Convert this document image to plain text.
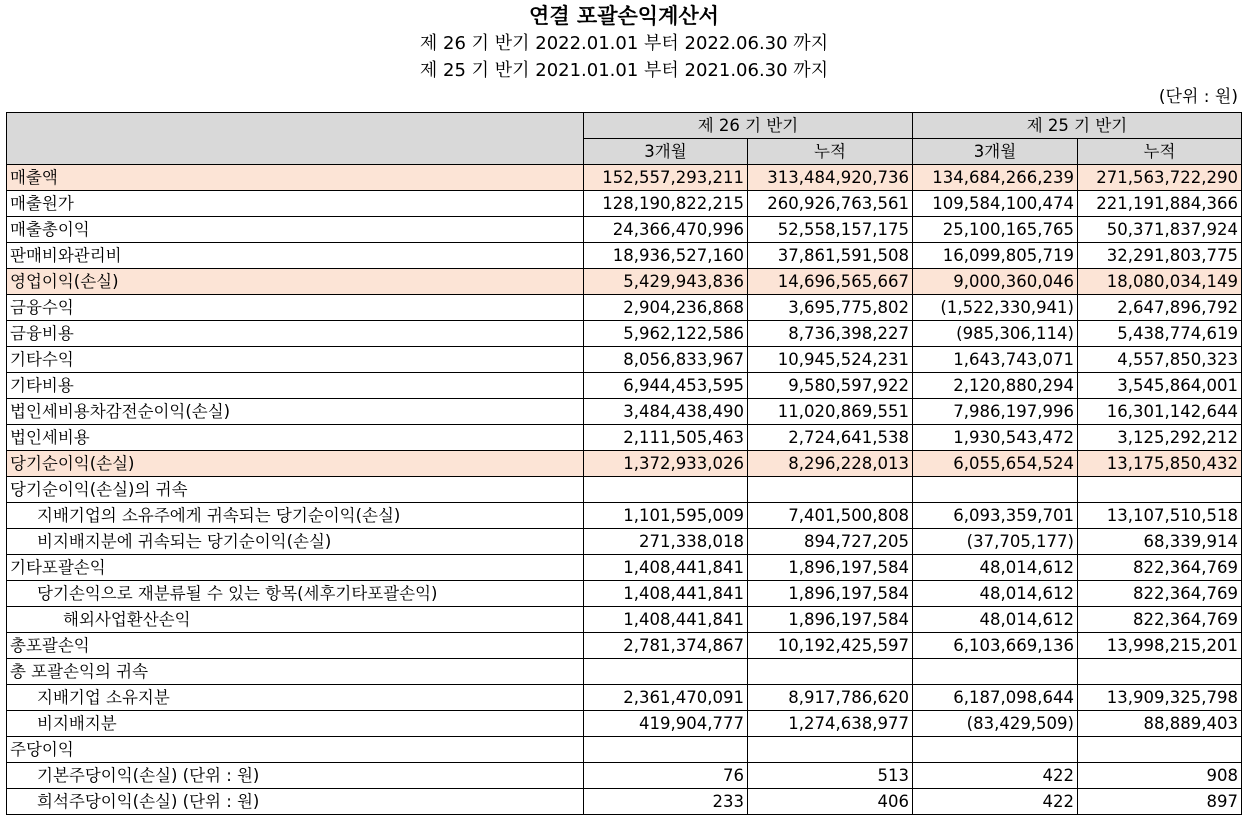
연결 포괄손익계산서
제 26 기 반기 2022.01.01 부터 2022.06.30 까지
제 25 기 반기 2021.01.01 부터 2021.06.30 까지
(단위 : 원)
	제 26 기 반기		제 25 기 반기	
	3개월	누적	3개월	누적
매출액	152,557,293,211	313,484,920,736	134,684,266,239	271,563,722,290
매출원가	128,190,822,215	260,926,763,561	109,584,100,474	221,191,884,366
매출총이익	24,366,470,996	52,558,157,175	25,100,165,765	50,371,837,924
판매비와관리비	18,936,527,160	37,861,591,508	16,099,805,719	32,291,803,775
영업이익(손실)	5,429,943,836	14,696,565,667	9,000,360,046	18,080,034,149
금융수익	2,904,236,868	3,695,775,802	(1,522,330,941)	2,647,896,792
금융비용	5,962,122,586	8,736,398,227	(985,306,114)	5,438,774,619
기타수익	8,056,833,967	10,945,524,231	1,643,743,071	4,557,850,323
기타비용	6,944,453,595	9,580,597,922	2,120,880,294	3,545,864,001
법인세비용차감전순이익(손실)	3,484,438,490	11,020,869,551	7,986,197,996	16,301,142,644
법인세비용	2,111,505,463	2,724,641,538	1,930,543,472	3,125,292,212
당기순이익(손실)	1,372,933,026	8,296,228,013	6,055,654,524	13,175,850,432
당기순이익(손실)의 귀속				
지배기업의 소유주에게 귀속되는 당기순이익(손실)	1,101,595,009	7,401,500,808	6,093,359,701	13,107,510,518
비지배지분에 귀속되는 당기순이익(손실)	271,338,018	894,727,205	(37,705,177)	68,339,914
기타포괄손익	1,408,441,841	1,896,197,584	48,014,612	822,364,769
당기손익으로 재분류될 수 있는 항목(세후기타포괄손익)	1,408,441,841	1,896,197,584	48,014,612	822,364,769
해외사업환산손익	1,408,441,841	1,896,197,584	48,014,612	822,364,769
총포괄손익	2,781,374,867	10,192,425,597	6,103,669,136	13,998,215,201
총 포괄손익의 귀속				
지배기업 소유지분	2,361,470,091	8,917,786,620	6,187,098,644	13,909,325,798
비지배지분	419,904,777	1,274,638,977	(83,429,509)	88,889,403
주당이익				
기본주당이익(손실) (단위 : 원)	76	513	422	908
희석주당이익(손실) (단위 : 원)	233	406	422	897
